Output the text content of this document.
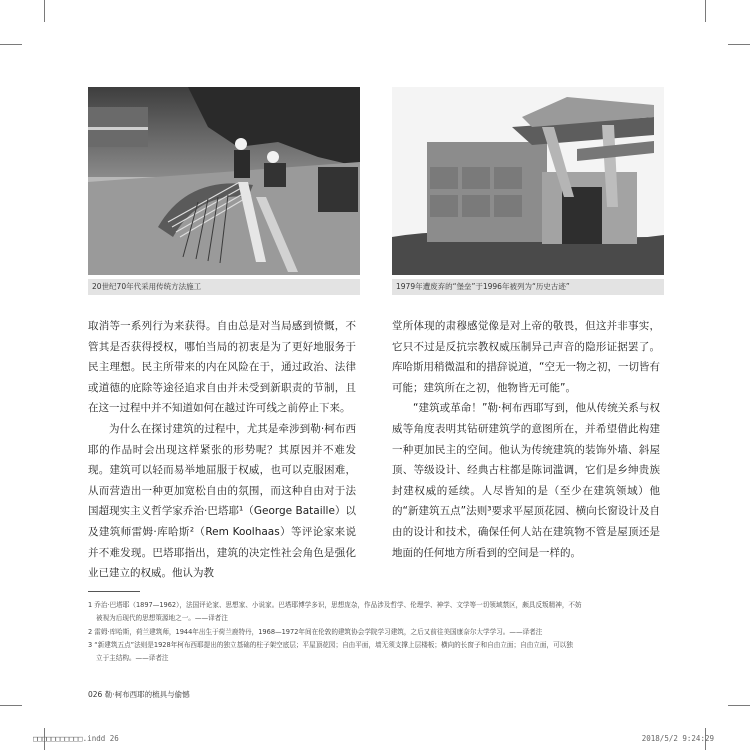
20世纪70年代采用传统方法施工	1979年遭废弃的“堡垒”于1996年被列为“历史古迹”

取消等一系列行为来获得。自由总是对当局感到愤慨，不管其是否获得授权，哪怕当局的初衷是为了更好地服务于民主理想。民主所带来的内在风险在于，通过政治、法律或道德的庇除等途径追求自由并未受到新职责的节制，且在这一过程中并不知道如何在越过许可线之前停止下来。

为什么在探讨建筑的过程中，尤其是牵涉到勒·柯布西耶的作品时会出现这样紧张的形势呢？其原因并不难发现。建筑可以轻而易举地屈服于权威，也可以克服困难，从而营造出一种更加宽松自由的氛围，而这种自由对于法国超现实主义哲学家乔治·巴塔耶¹（George Bataille）以及建筑师雷姆·库哈斯²（Rem Koolhaas）等评论家来说并不难发现。巴塔耶指出，建筑的决定性社会角色是强化业已建立的权威。他认为教

堂所体现的肃穆感觉像是对上帝的敬畏，但这并非事实，它只不过是反抗宗教权威压制异己声音的隐形证据罢了。库哈斯用稍微温和的措辞说道，“空无一物之初，一切皆有可能；建筑所在之初，他物皆无可能”。

“建筑或革命！”勒·柯布西耶写到，他从传统关系与权威等角度表明其钻研建筑学的意图所在，并希望借此构建一种更加民主的空间。他认为传统建筑的装饰外墙、斜屋顶、等级设计、经典古柱都是陈词滥调，它们是乡绅贵族封建权威的延续。人尽皆知的是（至少在建筑领域）他的“新建筑五点”法则³要求平屋顶花园、横向长窗设计及自由的设计和技术，确保任何人站在建筑物不管是屋顶还是地面的任何地方所看到的空间是一样的。

1 乔治·巴塔耶（1897—1962），法国评论家、思想家、小说家。巴塔耶博学多识，思想庞杂，作品涉及哲学、伦理学、神学、文学等一切领域禁区，颇具反叛精神，不妨
被视为后现代的思想策源地之一。——译者注
2 雷姆·库哈斯，荷兰建筑师，1944年出生于荷兰鹿特丹，1968—1972年间在伦敦的建筑协会学院学习建筑，之后又前往美国康奈尔大学学习。——译者注
3 “新建筑五点”法则是1928年柯布西耶提出的独立基础的柱子架空底层；平屋顶花园；自由平面，墙无须支撑上层楼板；横向的长窗子和自由立面；自由立面，可以独
立于主结构。——译者注
026 勒·柯布西耶的梳具与偷憾
□□□□□□□□□□□.indd 26	2018/5/2 9:24:29
